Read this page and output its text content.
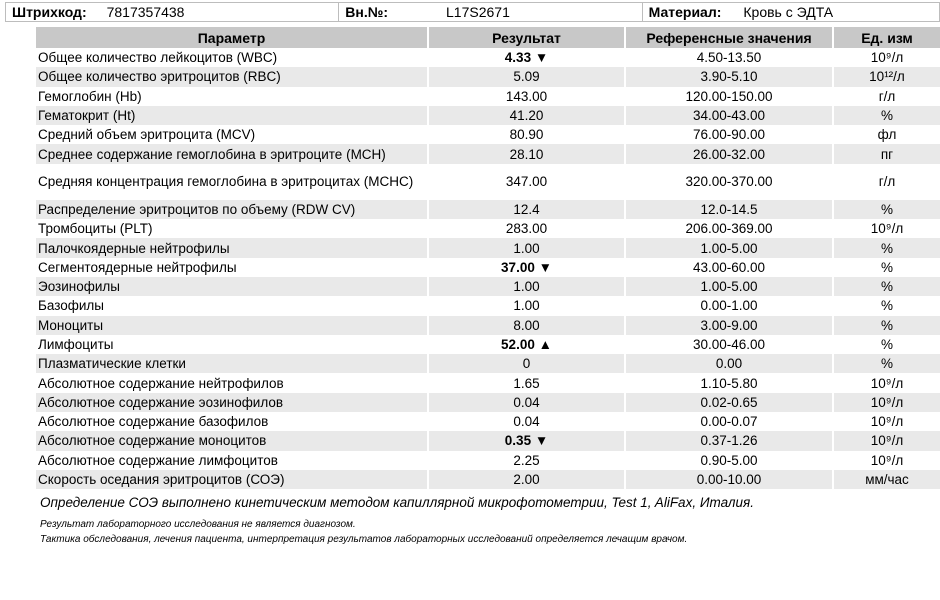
Штрихкод: 7817357438	Вн.№:	L17S2671	Материал: Кровь с ЭДТА
Параметр	Результат	Референсные значения	Ед. изм
Общее количество лейкоцитов (WBC)	4.33 ▼	4.50-13.50	10⁹/л
Общее количество эритроцитов (RBC)	5.09	3.90-5.10	10¹²/л
Гемоглобин (Hb)	143.00	120.00-150.00	г/л
Гематокрит (Ht)	41.20	34.00-43.00	%
Средний объем эритроцита (MCV)	80.90	76.00-90.00	фл
Среднее содержание гемоглобина в эритроците (MCH)	28.10	26.00-32.00	пг
Средняя концентрация гемоглобина в эритроцитах (MCHC)	347.00	320.00-370.00	г/л
Распределение эритроцитов по объему (RDW CV)	12.4	12.0-14.5	%
Тромбоциты (PLT)	283.00	206.00-369.00	10⁹/л
Палочкоядерные нейтрофилы	1.00	1.00-5.00	%
Сегментоядерные нейтрофилы	37.00 ▼	43.00-60.00	%
Эозинофилы	1.00	1.00-5.00	%
Базофилы	1.00	0.00-1.00	%
Моноциты	8.00	3.00-9.00	%
Лимфоциты	52.00 ▲	30.00-46.00	%
Плазматические клетки	0	0.00	%
Абсолютное содержание нейтрофилов	1.65	1.10-5.80	10⁹/л
Абсолютное содержание эозинофилов	0.04	0.02-0.65	10⁹/л
Абсолютное содержание базофилов	0.04	0.00-0.07	10⁹/л
Абсолютное содержание моноцитов	0.35 ▼	0.37-1.26	10⁹/л
Абсолютное содержание лимфоцитов	2.25	0.90-5.00	10⁹/л
Скорость оседания эритроцитов (СОЭ)	2.00	0.00-10.00	мм/час
Определение СОЭ выполнено кинетическим методом капиллярной микрофотометрии, Test 1, AliFax, Италия.
Результат лабораторного исследования не является диагнозом.
Тактика обследования, лечения пациента, интерпретация результатов лабораторных исследований определяется лечащим врачом.
